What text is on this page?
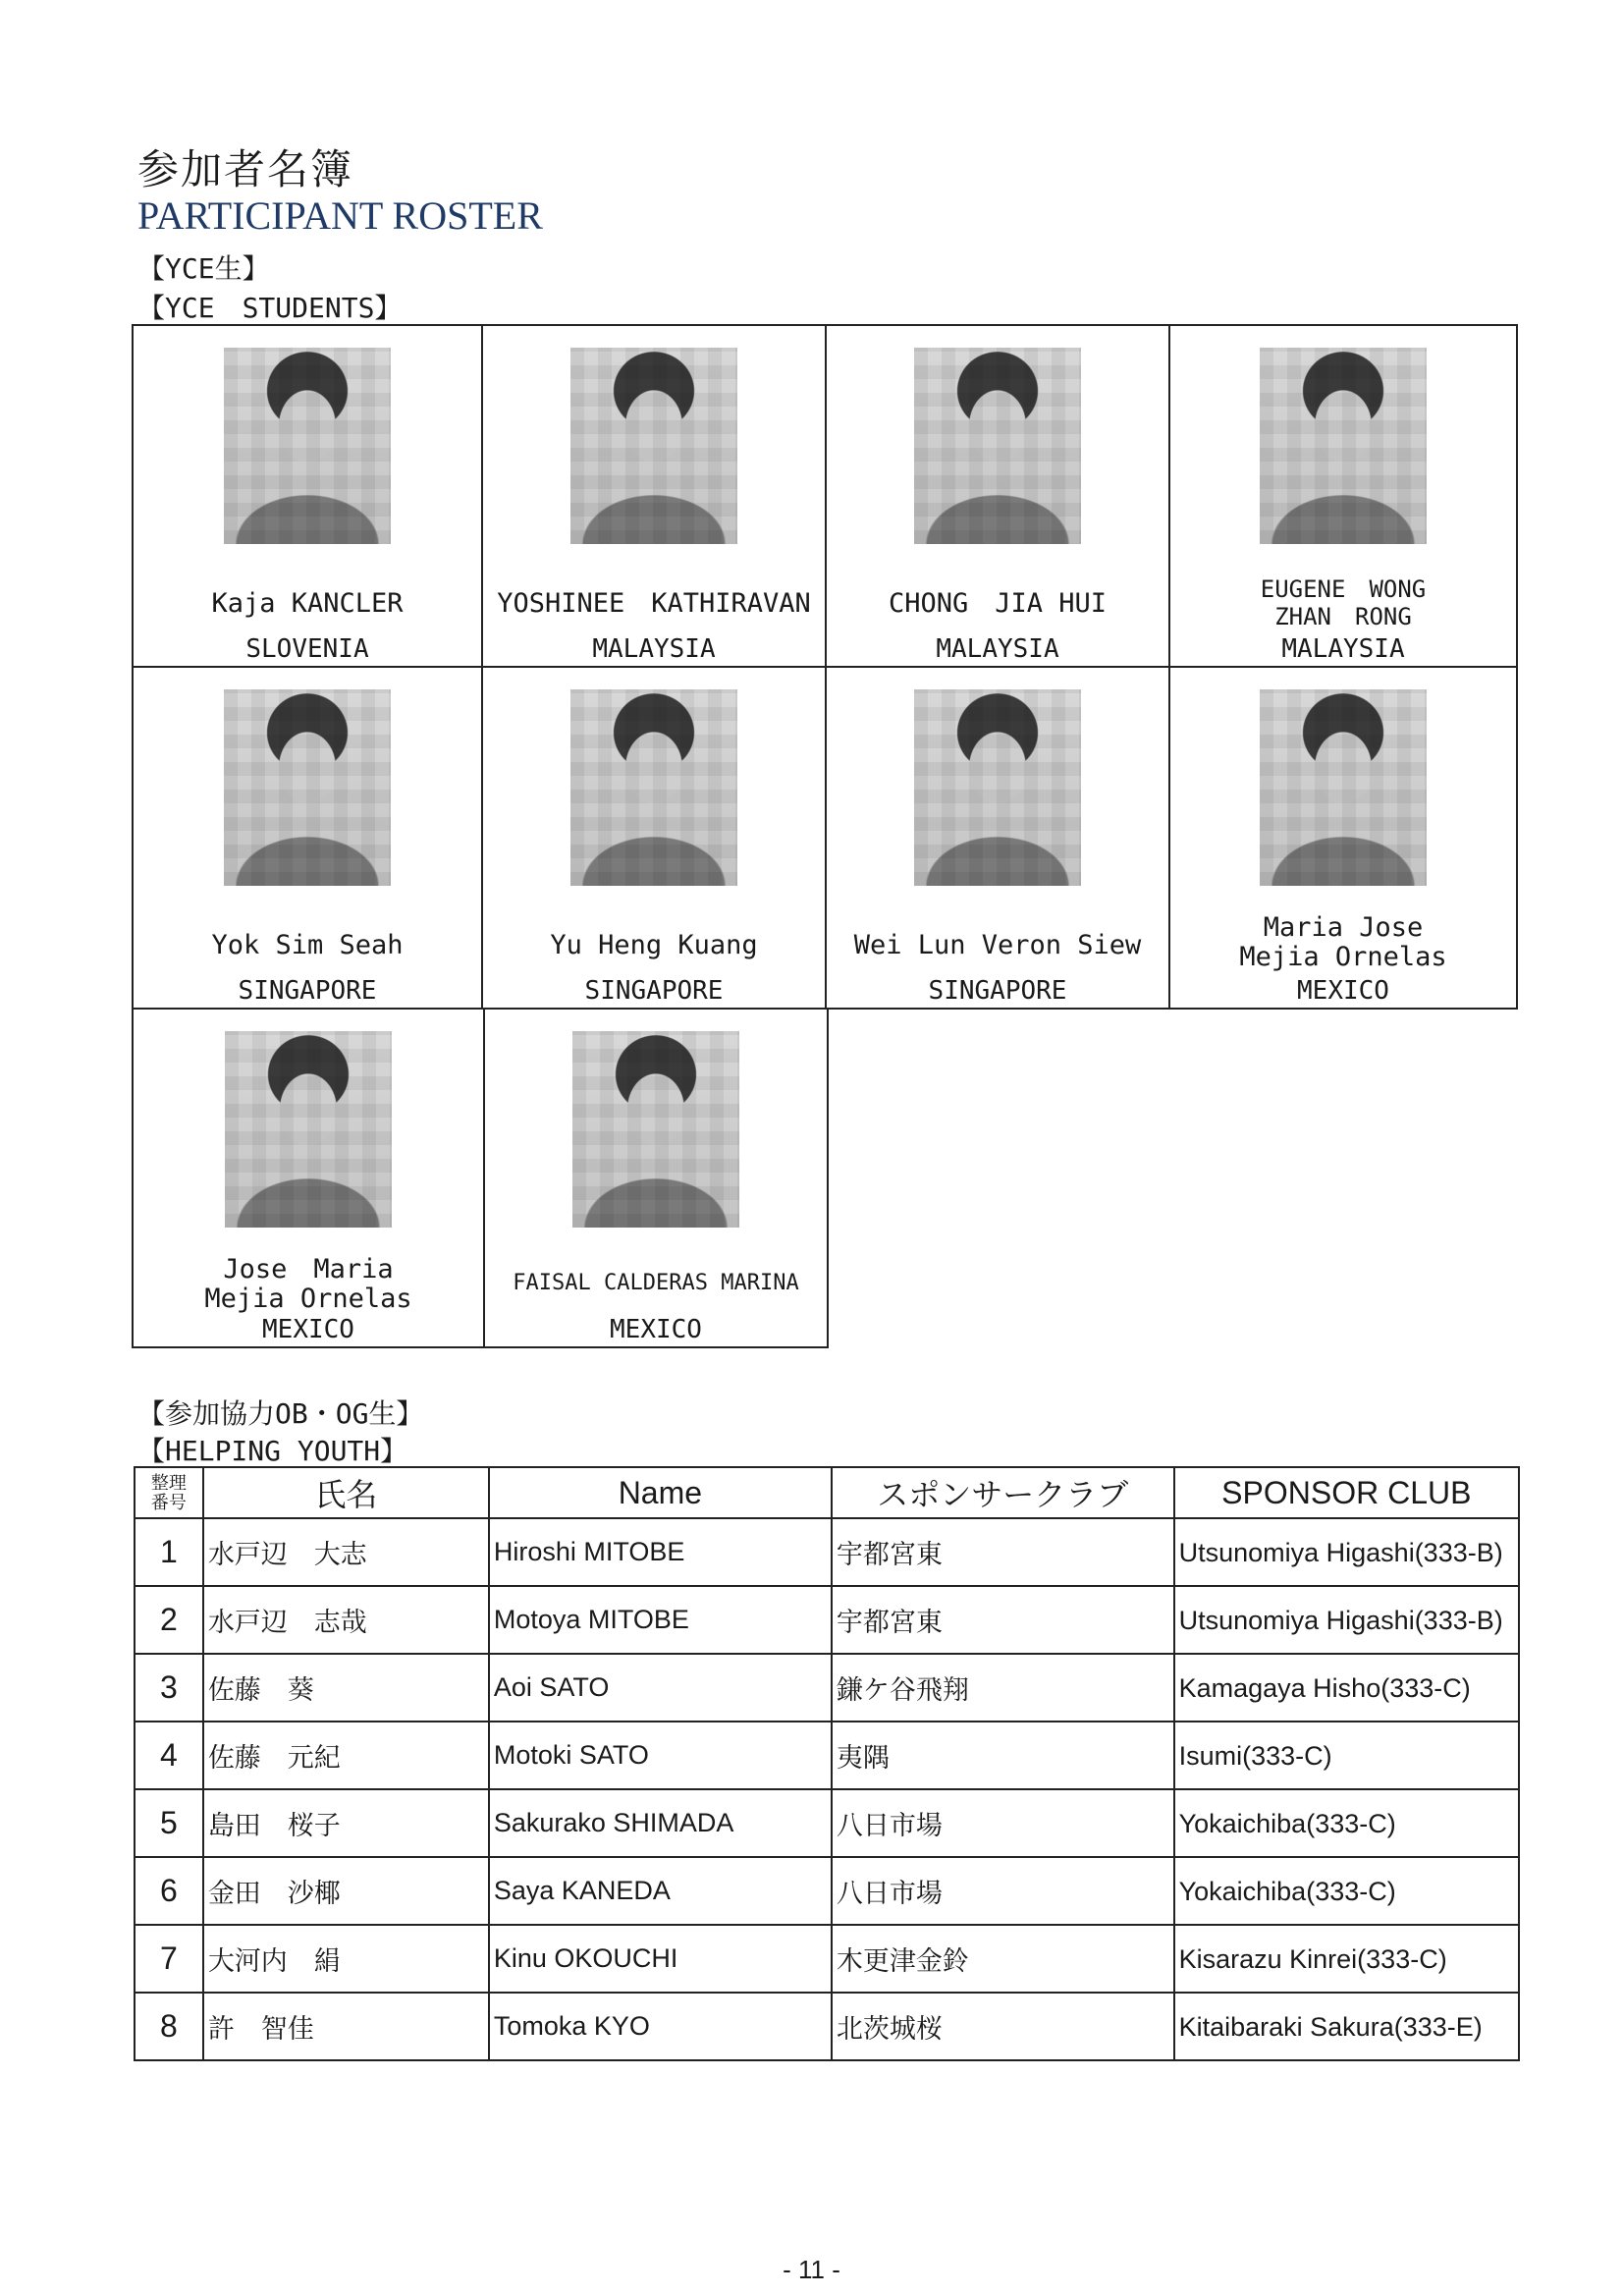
参加者名簿
PARTICIPANT ROSTER
【YCE生】
【YCE　STUDENTS】
Kaja KANCLER
SLOVENIA
YOSHINEE　KATHIRAVAN
MALAYSIA
CHONG　JIA HUI
MALAYSIA
EUGENE　WONG
ZHAN　RONG
MALAYSIA
Yok Sim Seah
SINGAPORE
Yu Heng Kuang
SINGAPORE
Wei Lun Veron Siew
SINGAPORE
Maria Jose
Mejia Ornelas
MEXICO
Jose　Maria
Mejia Ornelas
MEXICO
FAISAL CALDERAS MARINA
MEXICO
【参加協力OB・OG生】
【HELPING YOUTH】
整理
番号	氏名	Name	スポンサークラブ	SPONSOR CLUB
1	水戸辺　大志	Hiroshi MITOBE	宇都宮東	Utsunomiya Higashi(333-B)
2	水戸辺　志哉	Motoya MITOBE	宇都宮東	Utsunomiya Higashi(333-B)
3	佐藤　葵	Aoi SATO	鎌ケ谷飛翔	Kamagaya Hisho(333-C)
4	佐藤　元紀	Motoki SATO	夷隅	Isumi(333-C)
5	島田　桜子	Sakurako SHIMADA	八日市場	Yokaichiba(333-C)
6	金田　沙椰	Saya KANEDA	八日市場	Yokaichiba(333-C)
7	大河内　絹	Kinu OKOUCHI	木更津金鈴	Kisarazu Kinrei(333-C)
8	許　智佳	Tomoka KYO	北茨城桜	Kitaibaraki Sakura(333-E)
- 11 -
